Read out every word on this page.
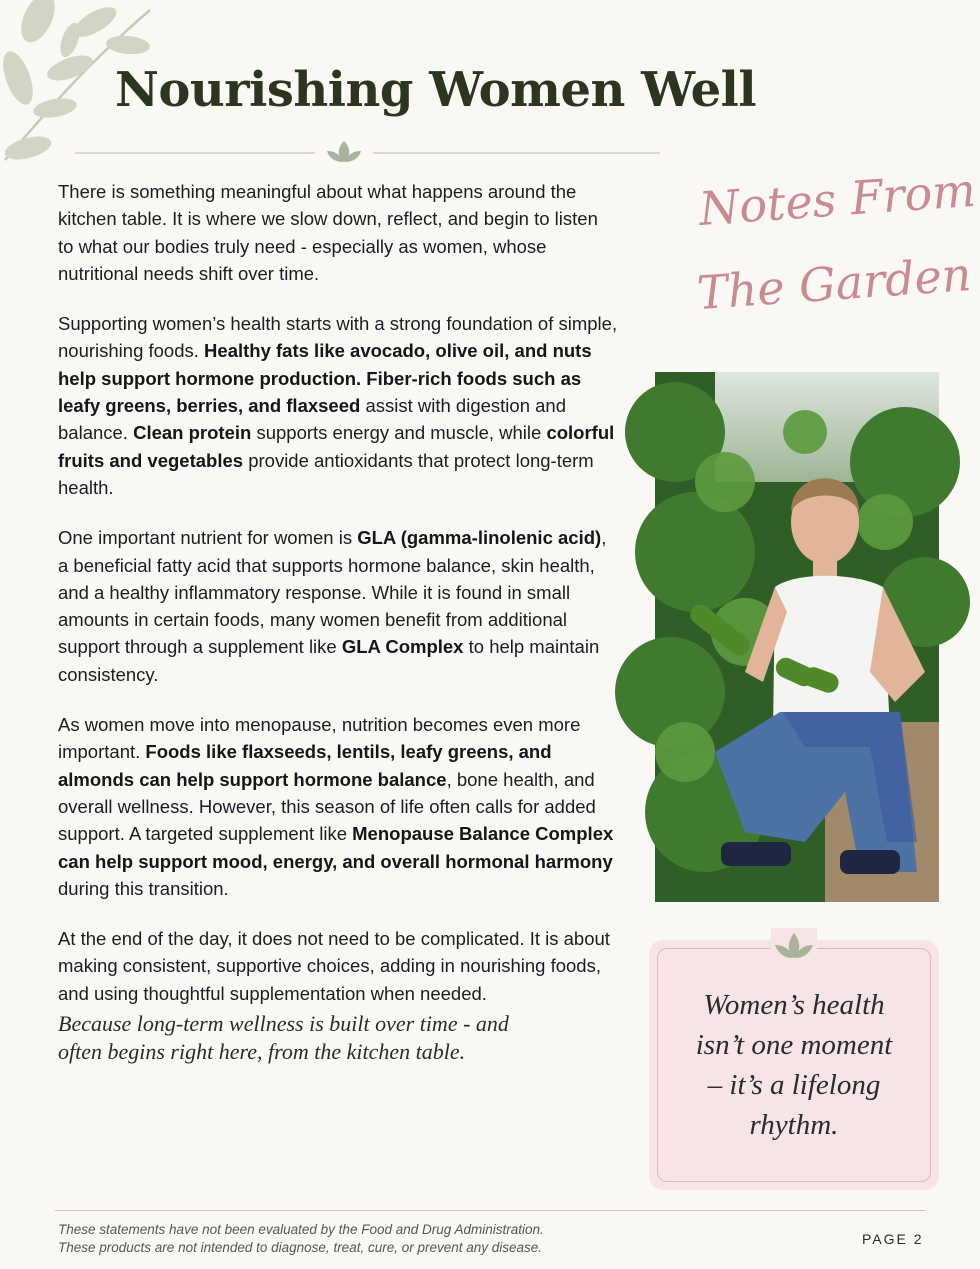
Nourishing Women Well

There is something meaningful about what happens around the kitchen table. It is where we slow down, reflect, and begin to listen to what our bodies truly need - especially as women, whose nutritional needs shift over time.

Supporting women’s health starts with a strong foundation of simple, nourishing foods. Healthy fats like avocado, olive oil, and nuts help support hormone production. Fiber-rich foods such as leafy greens, berries, and flaxseed assist with digestion and balance. Clean protein supports energy and muscle, while colorful fruits and vegetables provide antioxidants that protect long-term health.

One important nutrient for women is GLA (gamma-linolenic acid), a beneficial fatty acid that supports hormone balance, skin health, and a healthy inflammatory response. While it is found in small amounts in certain foods, many women benefit from additional support through a supplement like GLA Complex to help maintain consistency.

As women move into menopause, nutrition becomes even more important. Foods like flaxseeds, lentils, leafy greens, and almonds can help support hormone balance, bone health, and overall wellness. However, this season of life often calls for added support. A targeted supplement like Menopause Balance Complex can help support mood, energy, and overall hormonal harmony during this transition.

At the end of the day, it does not need to be complicated. It is about making consistent, supportive choices, adding in nourishing foods, and using thoughtful supplementation when needed.

Because long-term wellness is built over time - and
often begins right here, from the kitchen table.

Notes From
The Garden
Women’s health
isn’t one moment
– it’s a lifelong
rhythm.
These statements have not been evaluated by the Food and Drug Administration.
These products are not intended to diagnose, treat, cure, or prevent any disease.
PAGE 2
